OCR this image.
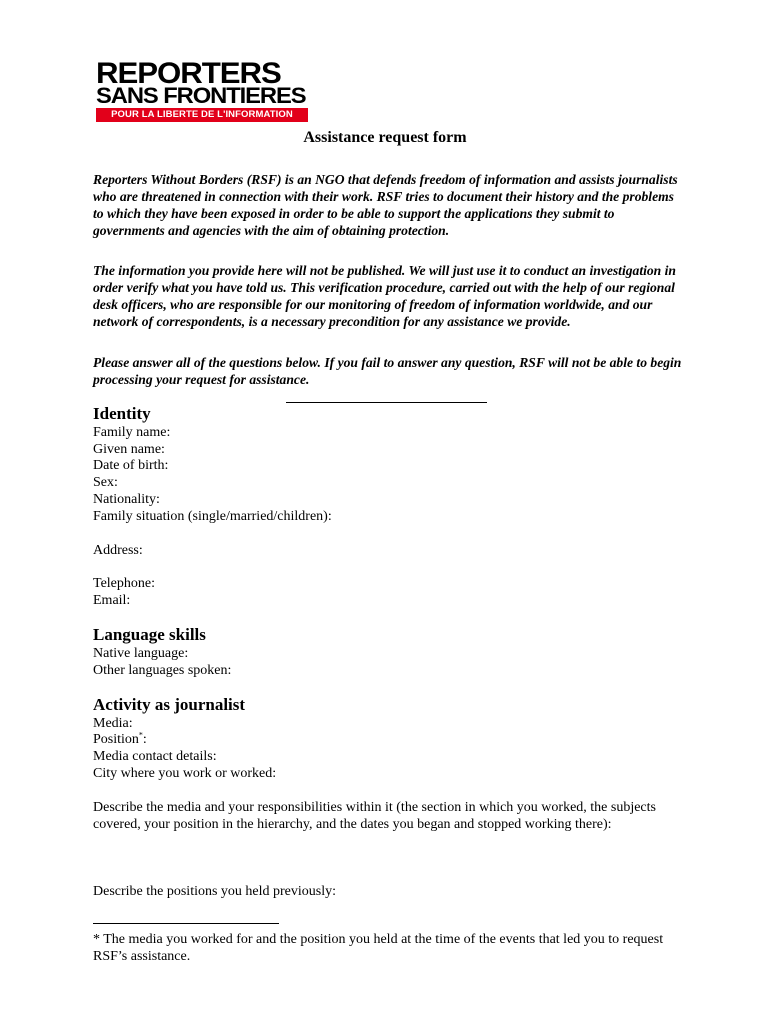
REPORTERS
SANS FRONTIERES
POUR LA LIBERTE DE L'INFORMATION
Assistance request form

Reporters Without Borders (RSF) is an NGO that defends freedom of information and assists journalists who are threatened in connection with their work. RSF tries to document their history and the problems to which they have been exposed in order to be able to support the applications they submit to governments and agencies with the aim of obtaining protection.

The information you provide here will not be published. We will just use it to conduct an investigation in order verify what you have told us. This verification procedure, carried out with the help of our regional desk officers, who are responsible for our monitoring of freedom of information worldwide, and our network of correspondents, is a necessary precondition for any assistance we provide.

Please answer all of the questions below. If you fail to answer any question, RSF will not be able to begin processing your request for assistance.

Identity
Family name:
Given name:
Date of birth:
Sex:
Nationality:
Family situation (single/married/children):
Address:
Telephone:
Email:
Language skills
Native language:
Other languages spoken:
Activity as journalist
Media:
Position*:
Media contact details:
City where you work or worked:

Describe the media and your responsibilities within it (the section in which you worked, the subjects covered, your position in the hierarchy, and the dates you began and stopped working there):

Describe the positions you held previously:

* The media you worked for and the position you held at the time of the events that led you to request RSF’s assistance.
